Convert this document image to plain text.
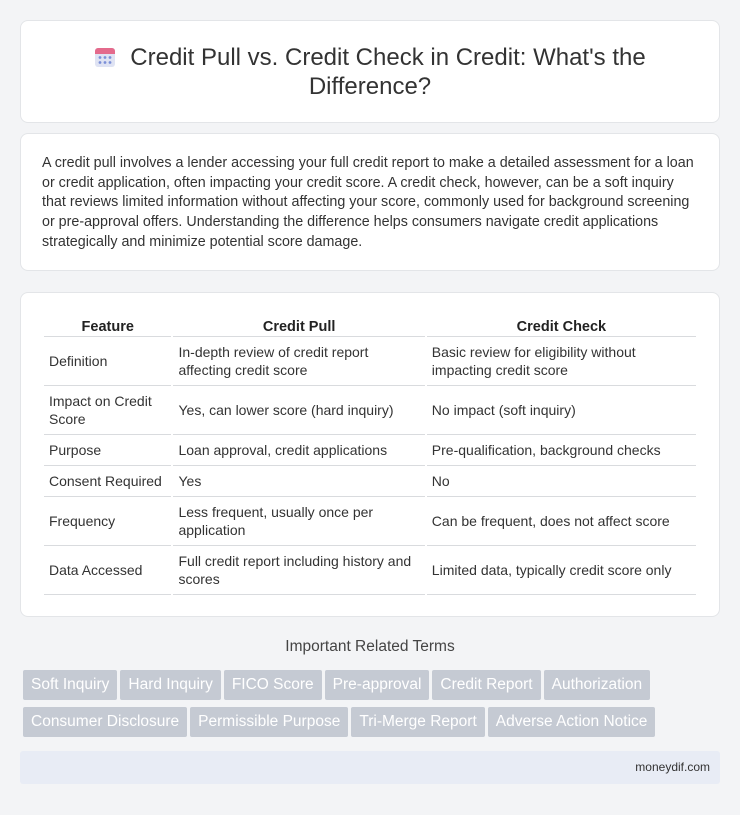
Credit Pull vs. Credit Check in Credit: What's the Difference?

A credit pull involves a lender accessing your full credit report to make a detailed assessment for a loan or credit application, often impacting your credit score. A credit check, however, can be a soft inquiry that reviews limited information without affecting your score, commonly used for background screening or pre-approval offers. Understanding the difference helps consumers navigate credit applications strategically and minimize potential score damage.

Feature	Credit Pull	Credit Check
Definition	In-depth review of credit report affecting credit score	Basic review for eligibility without impacting credit score
Impact on Credit Score	Yes, can lower score (hard inquiry)	No impact (soft inquiry)
Purpose	Loan approval, credit applications	Pre-qualification, background checks
Consent Required	Yes	No
Frequency	Less frequent, usually once per application	Can be frequent, does not affect score
Data Accessed	Full credit report including history and scores	Limited data, typically credit score only
Important Related Terms
Soft Inquiry Hard Inquiry FICO Score Pre-approval Credit Report AuthorizationConsumer Disclosure Permissible Purpose Tri-Merge Report Adverse Action Notice
moneydif.com
